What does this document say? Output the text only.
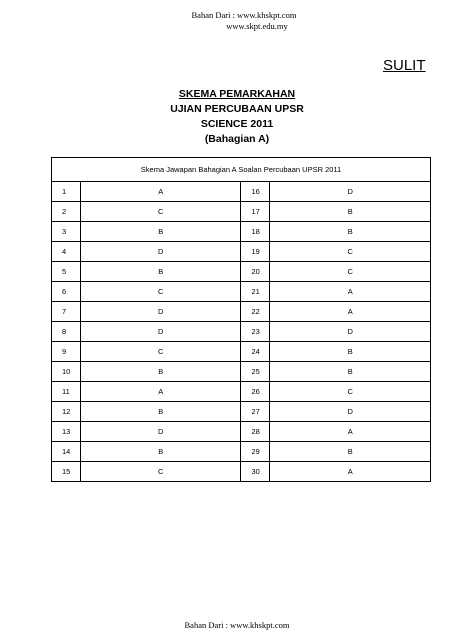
Bahan Dari : www.khskpt.com
www.skpt.edu.my
SULIT
SKEMA PEMARKAHAN
UJIAN PERCUBAAN UPSR
SCIENCE 2011
(Bahagian A)
Skema Jawapan Bahagian A Soalan Percubaan UPSR 2011			
1	A	16	D
2	C	17	B
3	B	18	B
4	D	19	C
5	B	20	C
6	C	21	A
7	D	22	A
8	D	23	D
9	C	24	B
10	B	25	B
11	A	26	C
12	B	27	D
13	D	28	A
14	B	29	B
15	C	30	A
Bahan Dari : www.khskpt.com
